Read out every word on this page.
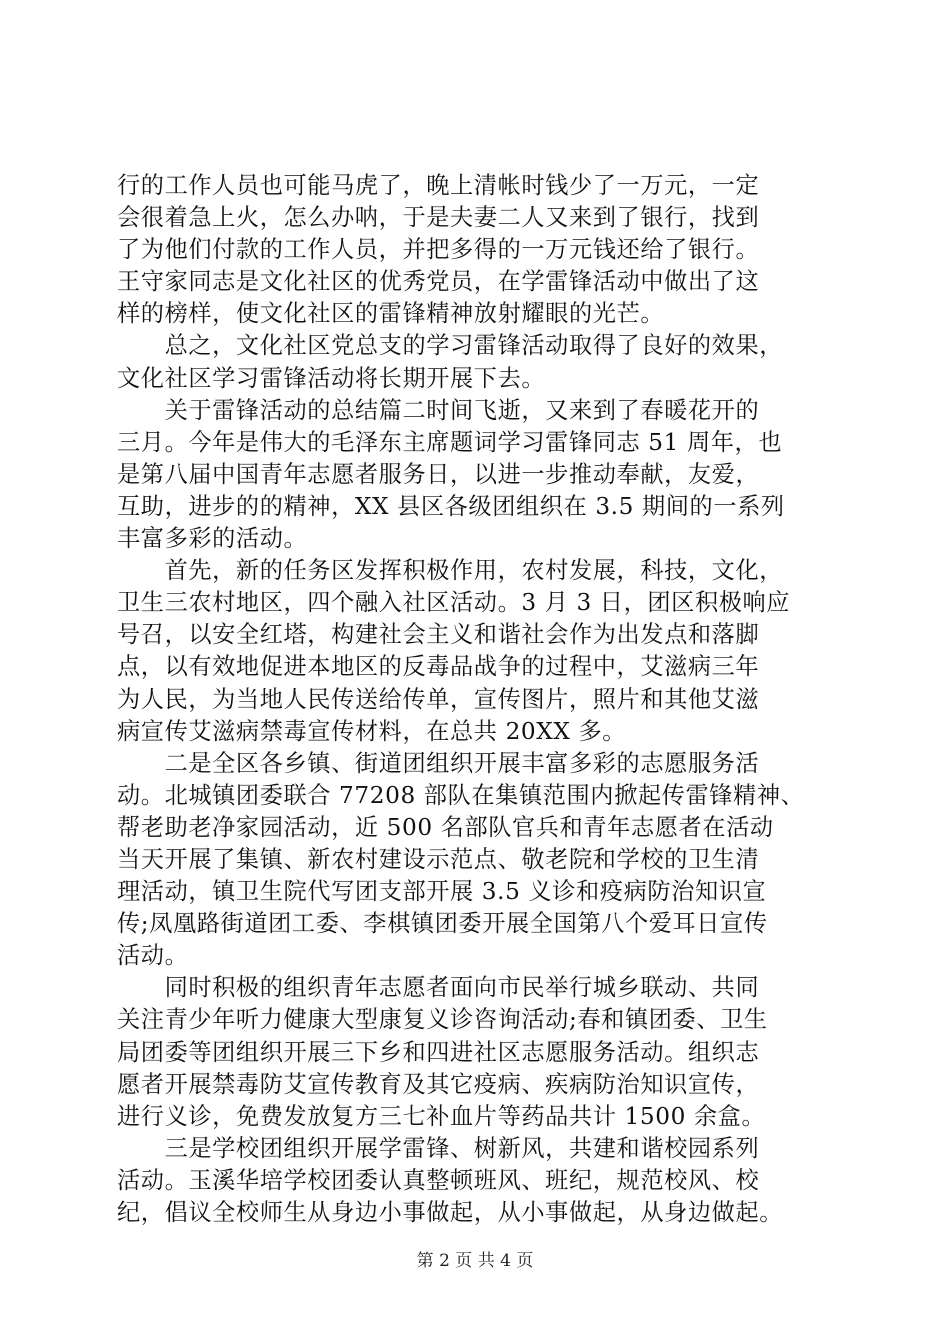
行的工作人员也可能马虎了，晚上清帐时钱少了一万元，一定
会很着急上火，怎么办呐，于是夫妻二人又来到了银行，找到
了为他们付款的工作人员，并把多得的一万元钱还给了银行。
王守家同志是文化社区的优秀党员，在学雷锋活动中做出了这
样的榜样，使文化社区的雷锋精神放射耀眼的光芒。
　　总之，文化社区党总支的学习雷锋活动取得了良好的效果，
文化社区学习雷锋活动将长期开展下去。
　　关于雷锋活动的总结篇二时间飞逝，又来到了春暖花开的
三月。今年是伟大的毛泽东主席题词学习雷锋同志 51 周年，也
是第八届中国青年志愿者服务日，以进一步推动奉献，友爱，
互助，进步的的精神，XX 县区各级团组织在 3.5 期间的一系列
丰富多彩的活动。
　　首先，新的任务区发挥积极作用，农村发展，科技，文化，
卫生三农村地区，四个融入社区活动。3 月 3 日，团区积极响应
号召，以安全红塔，构建社会主义和谐社会作为出发点和落脚
点，以有效地促进本地区的反毒品战争的过程中，艾滋病三年
为人民，为当地人民传送给传单，宣传图片，照片和其他艾滋
病宣传艾滋病禁毒宣传材料，在总共 20XX 多。
　　二是全区各乡镇、街道团组织开展丰富多彩的志愿服务活
动。北城镇团委联合 77208 部队在集镇范围内掀起传雷锋精神、
帮老助老净家园活动，近 500 名部队官兵和青年志愿者在活动
当天开展了集镇、新农村建设示范点、敬老院和学校的卫生清
理活动，镇卫生院代写团支部开展 3.5 义诊和疫病防治知识宣
传;凤凰路街道团工委、李棋镇团委开展全国第八个爱耳日宣传
活动。
　　同时积极的组织青年志愿者面向市民举行城乡联动、共同
关注青少年听力健康大型康复义诊咨询活动;春和镇团委、卫生
局团委等团组织开展三下乡和四进社区志愿服务活动。组织志
愿者开展禁毒防艾宣传教育及其它疫病、疾病防治知识宣传，
进行义诊，免费发放复方三七补血片等药品共计 1500 余盒。
　　三是学校团组织开展学雷锋、树新风，共建和谐校园系列
活动。玉溪华培学校团委认真整顿班风、班纪，规范校风、校
纪，倡议全校师生从身边小事做起，从小事做起，从身边做起。
第 2 页 共 4 页
